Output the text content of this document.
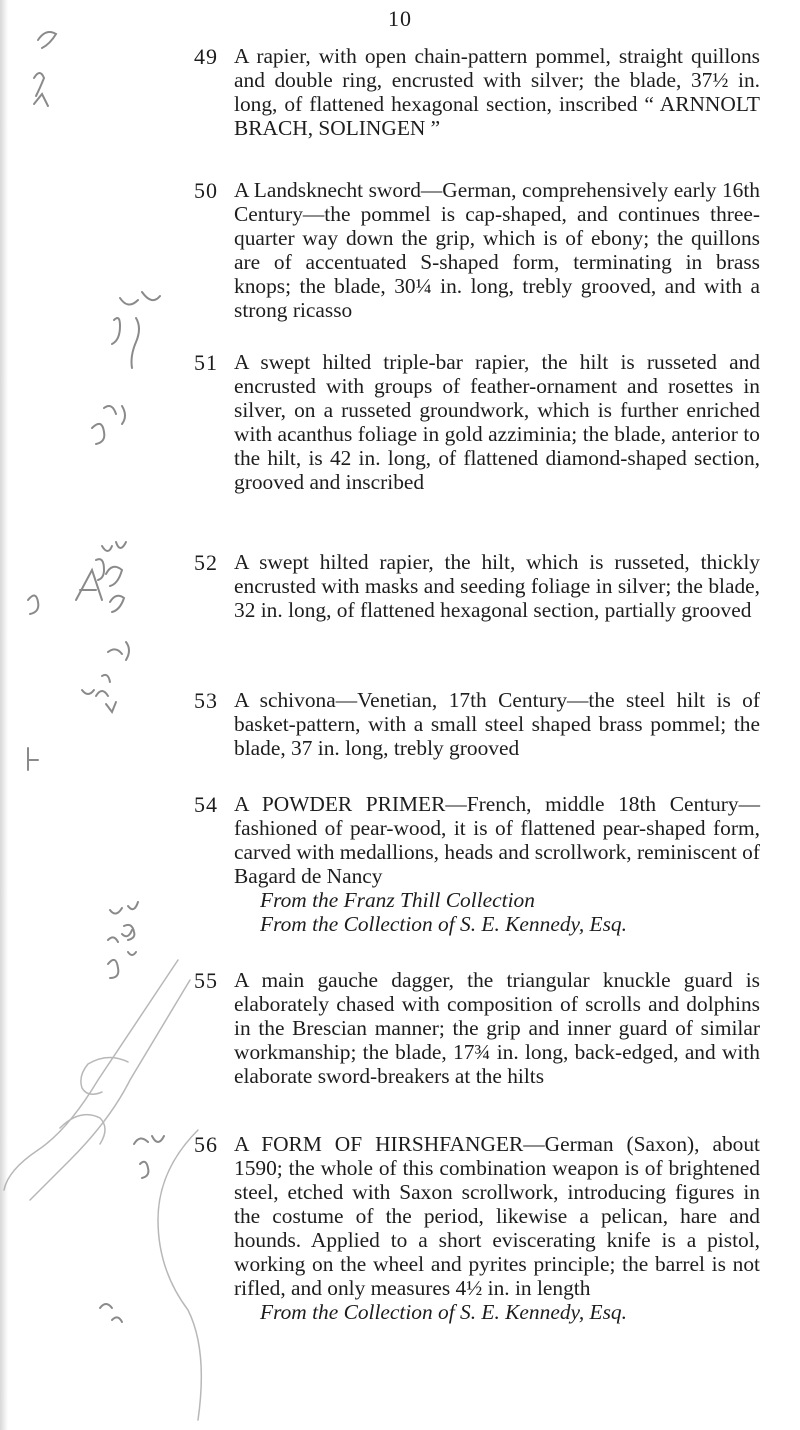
10
49 A rapier, with open chain-pattern pommel, straight quillons and double ring, encrusted with silver; the blade, 37½ in. long, of flattened hexagonal section, inscribed “ ARNNOLT BRACH, SOLINGEN ”

50 A Landsknecht sword—German, comprehensively early 16th Century—the pommel is cap-shaped, and continues three-quarter way down the grip, which is of ebony; the quillons are of accentuated S-shaped form, terminating in brass knops; the blade, 30¼ in. long, trebly grooved, and with a strong ricasso

51 A swept hilted triple-bar rapier, the hilt is russeted and encrusted with groups of feather-ornament and rosettes in silver, on a russeted groundwork, which is further enriched with acanthus foliage in gold azziminia; the blade, anterior to the hilt, is 42 in. long, of flattened diamond-shaped section, grooved and inscribed

52 A swept hilted rapier, the hilt, which is russeted, thickly encrusted with masks and seeding foliage in silver; the blade, 32 in. long, of flattened hexagonal section, partially grooved

53 A schivona—Venetian, 17th Century—the steel hilt is of basket-pattern, with a small steel shaped brass pommel; the blade, 37 in. long, trebly grooved

54 A POWDER PRIMER—French, middle 18th Century—fashioned of pear-wood, it is of flattened pear-shaped form, carved with medallions, heads and scrollwork, reminiscent of Bagard de Nancy

From the Franz Thill Collection

From the Collection of S. E. Kennedy, Esq.

55 A main gauche dagger, the triangular knuckle guard is elaborately chased with composition of scrolls and dolphins in the Brescian manner; the grip and inner guard of similar workmanship; the blade, 17¾ in. long, back-edged, and with elaborate sword-breakers at the hilts

56 A FORM OF HIRSHFANGER—German (Saxon), about 1590; the whole of this combination weapon is of brightened steel, etched with Saxon scrollwork, introducing figures in the costume of the period, likewise a pelican, hare and hounds. Applied to a short eviscerating knife is a pistol, working on the wheel and pyrites principle; the barrel is not rifled, and only measures 4½ in. in length

From the Collection of S. E. Kennedy, Esq.
